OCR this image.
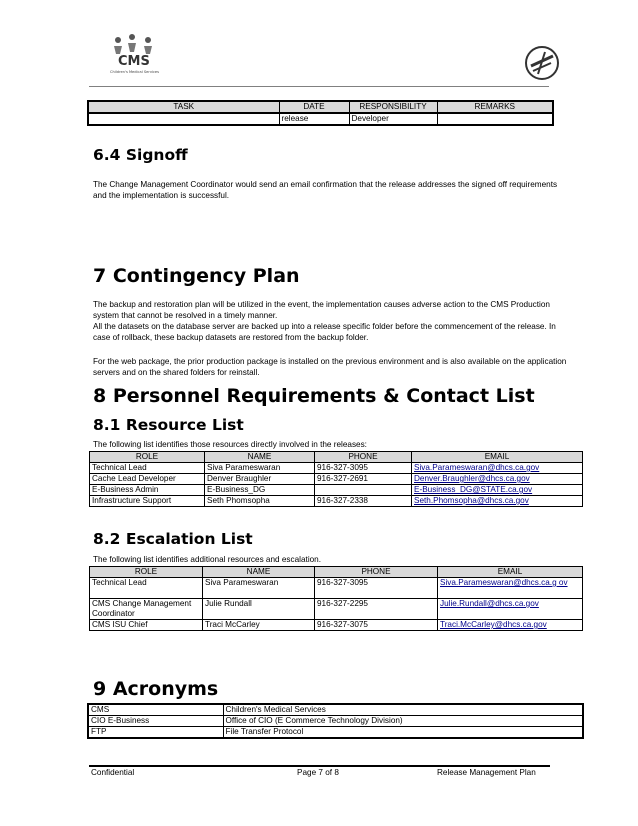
CMS
Children's Medical Services
TASK	DATE	RESPONSIBILITY	REMARKS
	release	Developer	
6.4 Signoff

The Change Management Coordinator would send an email confirmation that the release addresses the signed off requirements and the implementation is successful.

7 Contingency Plan

The backup and restoration plan will be utilized in the event, the implementation causes adverse action to the CMS Production system that cannot be resolved in a timely manner.

All the datasets on the database server are backed up into a release specific folder before the commencement of the release. In case of rollback, these backup datasets are restored from the backup folder.

For the web package, the prior production package is installed on the previous environment and is also available on the application servers and on the shared folders for reinstall.

8 Personnel Requirements & Contact List
8.1 Resource List

The following list identifies those resources directly involved in the releases:

ROLE	NAME	PHONE	EMAIL
Technical Lead	Siva Parameswaran	916-327-3095	Siva.Parameswaran@dhcs.ca.gov
Cache Lead Developer	Denver Braughler	916-327-2691	Denver.Braughler@dhcs.ca.gov
E-Business Admin	E-Business_DG		E-Business_DG@STATE.ca.gov
Infrastructure Support	Seth Phomsopha	916-327-2338	Seth.Phomsopha@dhcs.ca.gov
8.2 Escalation List

The following list identifies additional resources and escalation.

ROLE	NAME	PHONE	EMAIL
Technical Lead	Siva Parameswaran	916-327-3095	Siva.Parameswaran@dhcs.ca.g ov
CMS Change Management Coordinator	Julie Rundall	916-327-2295	Julie.Rundall@dhcs.ca.gov
CMS ISU Chief	Traci McCarley	916-327-3075	Traci.McCarley@dhcs.ca.gov
9 Acronyms
CMS	Children's Medical Services
CIO E-Business	Office of CIO (E Commerce Technology Division)
FTP	File Transfer Protocol
Confidential	Page 7 of 8	Release Management Plan
